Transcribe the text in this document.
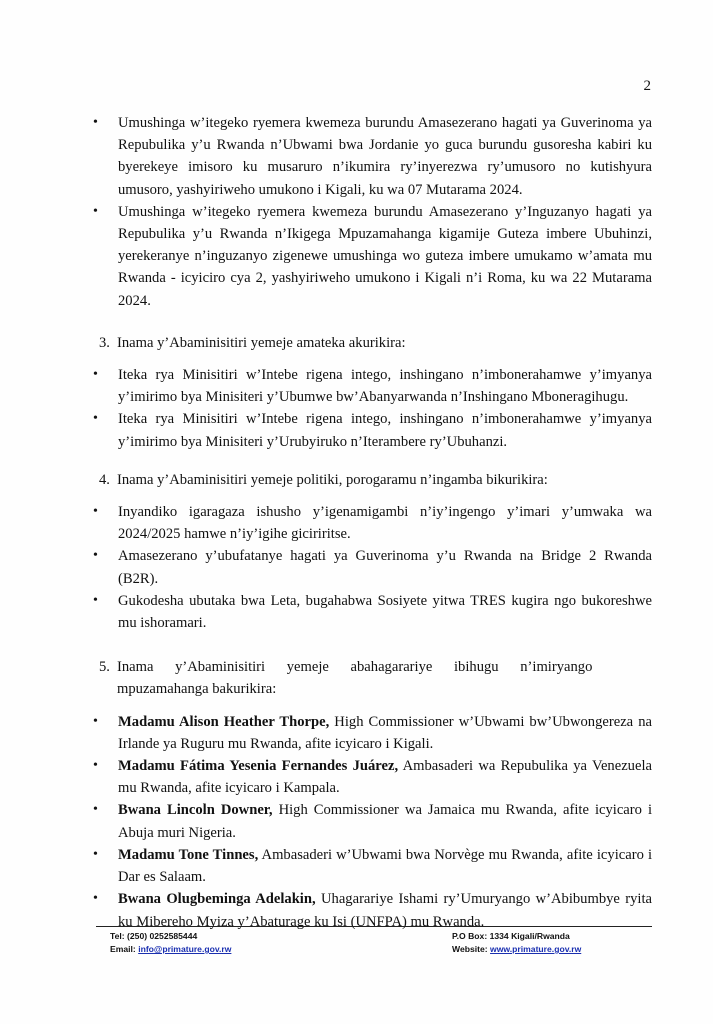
2
• Umushinga w’itegeko ryemera kwemeza burundu Amasezerano hagati ya Guverinoma ya Repubulika y’u Rwanda n’Ubwami bwa Jordanie yo guca burundu gusoresha kabiri ku byerekeye imisoro ku musaruro n’ikumira ry’inyerezwa ry’umusoro no kutishyura umusoro, yashyiriweho umukono i Kigali, ku wa 07 Mutarama 2024.
• Umushinga w’itegeko ryemera kwemeza burundu Amasezerano y’Inguzanyo hagati ya Repubulika y’u Rwanda n’Ikigega Mpuzamahanga kigamije Guteza imbere Ubuhinzi, yerekeranye n’inguzanyo zigenewe umushinga wo guteza imbere umukamo w’amata mu Rwanda - icyiciro cya 2, yashyiriweho umukono i Kigali n’i Roma, ku wa 22 Mutarama 2024.
3. Inama y’Abaminisitiri yemeje amateka akurikira:
• Iteka rya Minisitiri w’Intebe rigena intego, inshingano n’imbonerahamwe y’imyanya y’imirimo bya Minisiteri y’Ubumwe bw’Abanyarwanda n’Inshingano Mboneragihugu.
• Iteka rya Minisitiri w’Intebe rigena intego, inshingano n’imbonerahamwe y’imyanya y’imirimo bya Minisiteri y’Urubyiruko n’Iterambere ry’Ubuhanzi.
4. Inama y’Abaminisitiri yemeje politiki, porogaramu n’ingamba bikurikira:
• Inyandiko igaragaza ishusho y’igenamigambi n’iy’ingengo y’imari y’umwaka wa 2024/2025 hamwe n’iy’igihe giciriritse.
• Amasezerano y’ubufatanye hagati ya Guverinoma y’u Rwanda na Bridge 2 Rwanda (B2R).
• Gukodesha ubutaka bwa Leta, bugahabwa Sosiyete yitwa TRES kugira ngo bukoreshwe mu ishoramari.
5. Inama y’Abaminisitiri yemeje abahagarariye ibihugu n’imiryango
mpuzamahanga bakurikira:
• Madamu Alison Heather Thorpe, High Commissioner w’Ubwami bw’Ubwongereza na Irlande ya Ruguru mu Rwanda, afite icyicaro i Kigali.
• Madamu Fátima Yesenia Fernandes Juárez, Ambasaderi wa Repubulika ya Venezuela mu Rwanda, afite icyicaro i Kampala.
• Bwana Lincoln Downer, High Commissioner wa Jamaica mu Rwanda, afite icyicaro i Abuja muri Nigeria.
• Madamu Tone Tinnes, Ambasaderi w’Ubwami bwa Norvège mu Rwanda, afite icyicaro i Dar es Salaam.
• Bwana Olugbeminga Adelakin, Uhagarariye Ishami ry’Umuryango w’Abibumbye ryita ku Mibereho Myiza y’Abaturage ku Isi (UNFPA) mu Rwanda.
Tel: (250) 0252585444
Email: info@primature.gov.rw
P.O Box: 1334 Kigali/Rwanda
Website: www.primature.gov.rw
